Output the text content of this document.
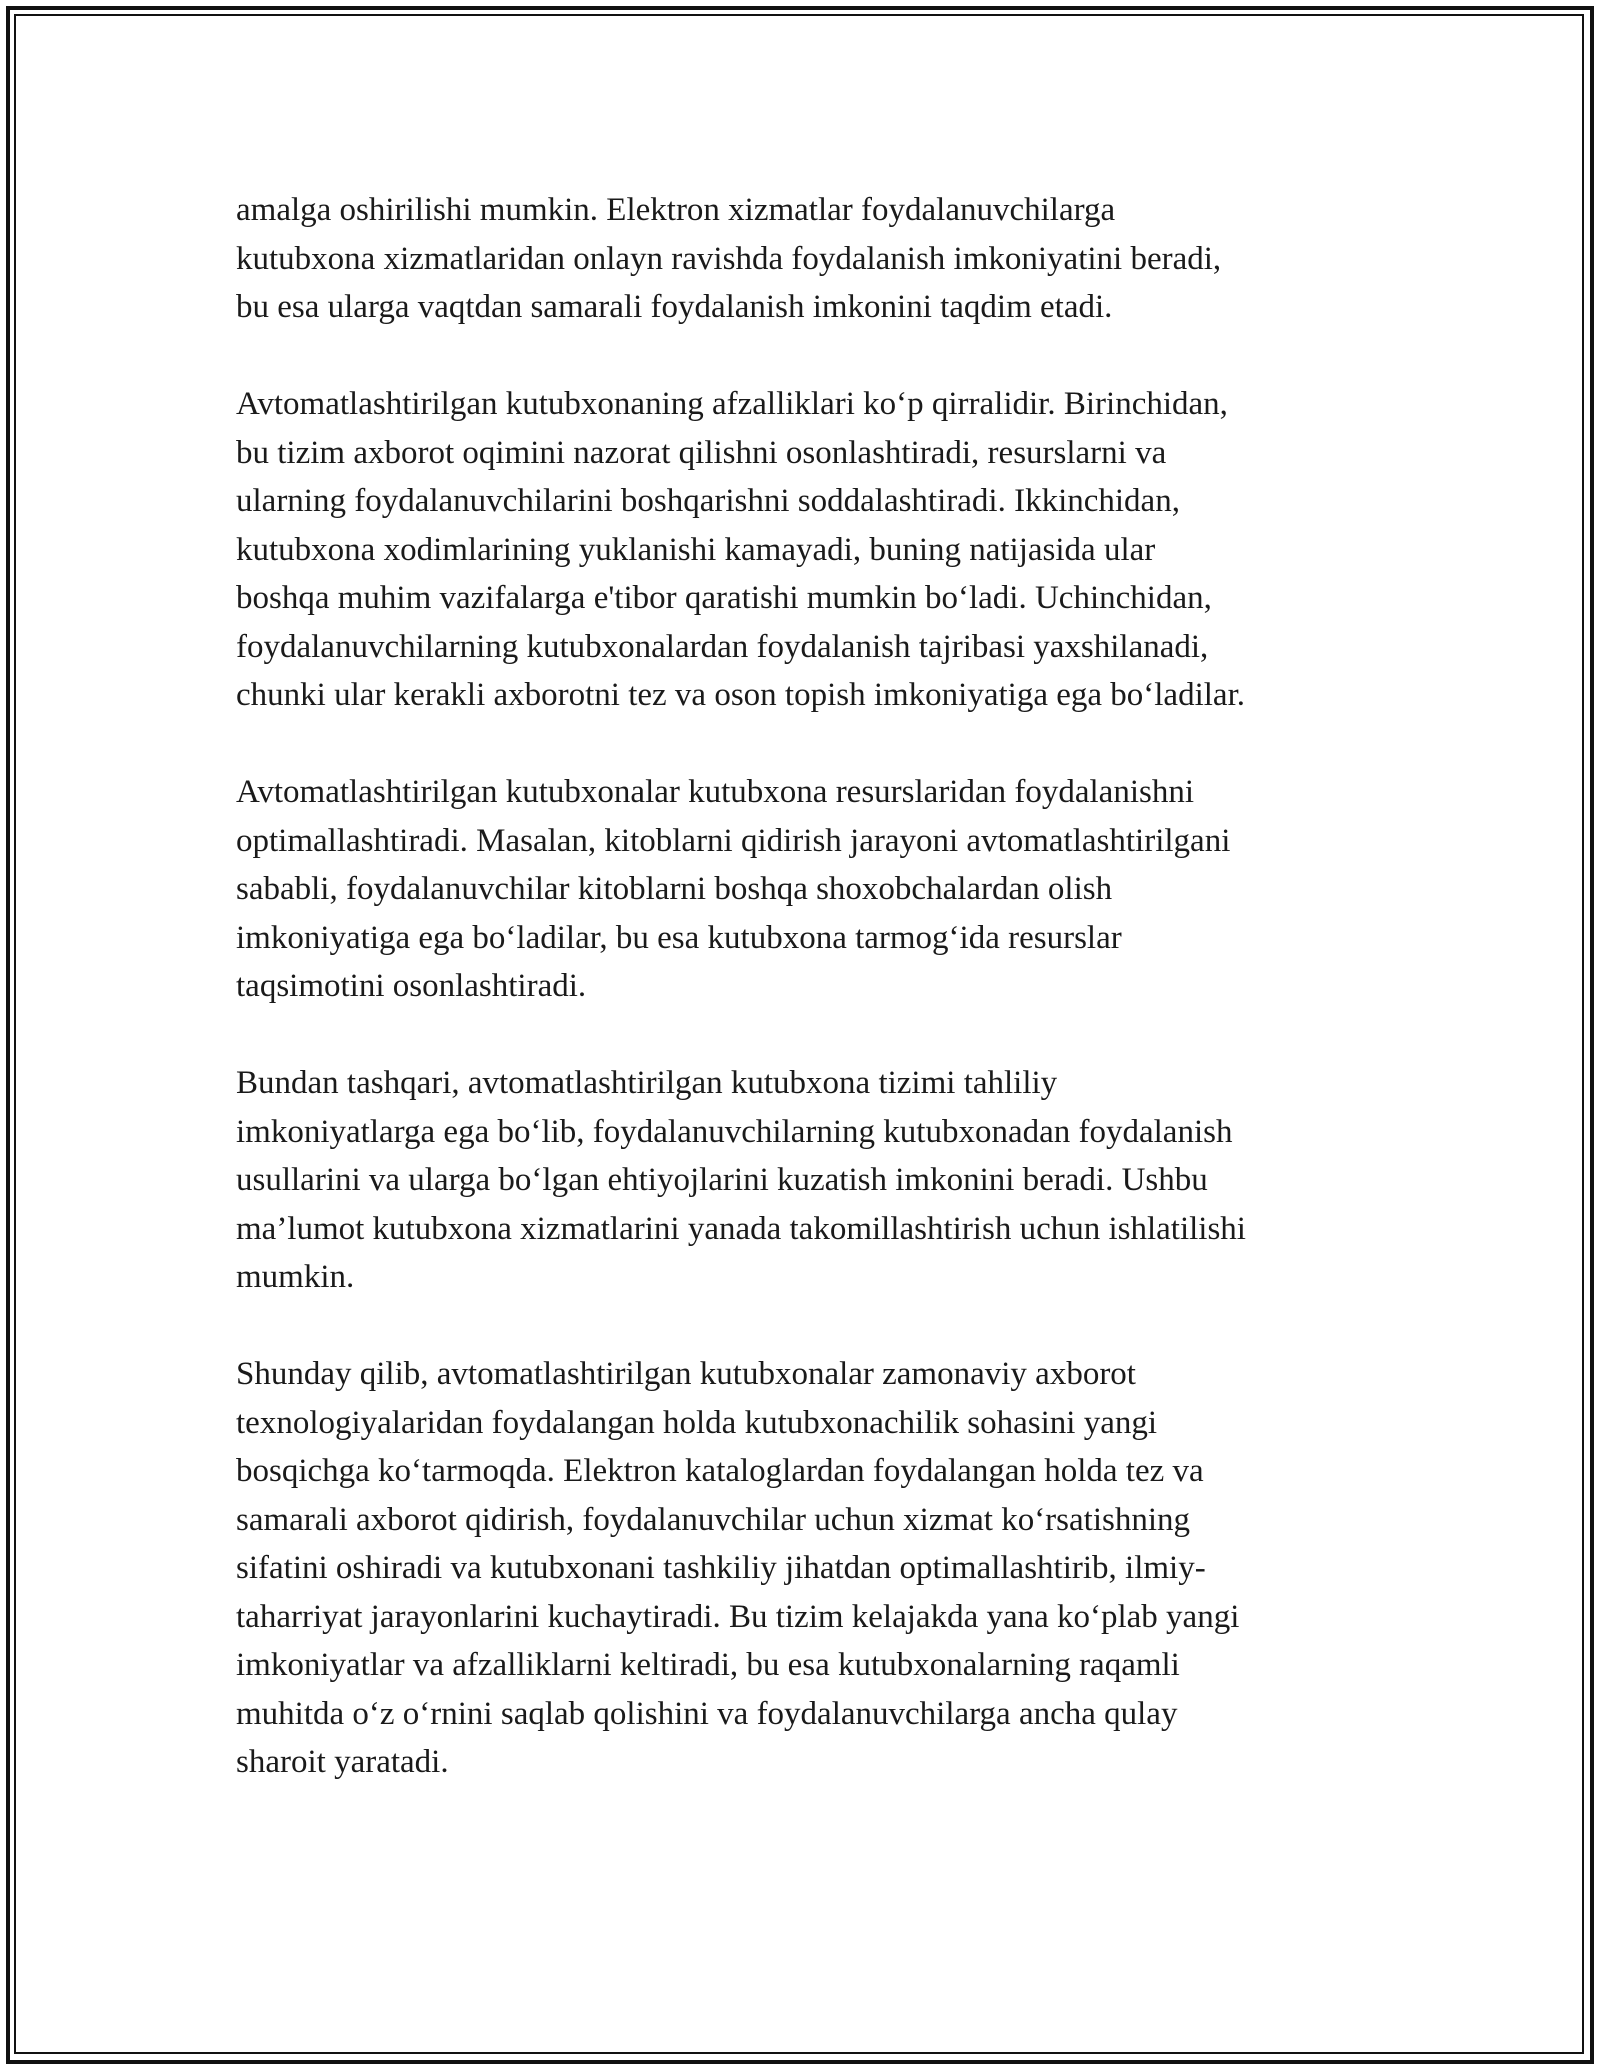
amalga oshirilishi mumkin. Elektron xizmatlar foydalanuvchilarga
kutubxona xizmatlaridan onlayn ravishda foydalanish imkoniyatini beradi,
bu esa ularga vaqtdan samarali foydalanish imkonini taqdim etadi.

Avtomatlashtirilgan kutubxonaning afzalliklari ko‘p qirralidir. Birinchidan,
bu tizim axborot oqimini nazorat qilishni osonlashtiradi, resurslarni va
ularning foydalanuvchilarini boshqarishni soddalashtiradi. Ikkinchidan,
kutubxona xodimlarining yuklanishi kamayadi, buning natijasida ular
boshqa muhim vazifalarga e'tibor qaratishi mumkin bo‘ladi. Uchinchidan,
foydalanuvchilarning kutubxonalardan foydalanish tajribasi yaxshilanadi,
chunki ular kerakli axborotni tez va oson topish imkoniyatiga ega bo‘ladilar.

Avtomatlashtirilgan kutubxonalar kutubxona resurslaridan foydalanishni
optimallashtiradi. Masalan, kitoblarni qidirish jarayoni avtomatlashtirilgani
sababli, foydalanuvchilar kitoblarni boshqa shoxobchalardan olish
imkoniyatiga ega bo‘ladilar, bu esa kutubxona tarmog‘ida resurslar
taqsimotini osonlashtiradi.

Bundan tashqari, avtomatlashtirilgan kutubxona tizimi tahliliy
imkoniyatlarga ega bo‘lib, foydalanuvchilarning kutubxonadan foydalanish
usullarini va ularga bo‘lgan ehtiyojlarini kuzatish imkonini beradi. Ushbu
ma’lumot kutubxona xizmatlarini yanada takomillashtirish uchun ishlatilishi
mumkin.

Shunday qilib, avtomatlashtirilgan kutubxonalar zamonaviy axborot
texnologiyalaridan foydalangan holda kutubxonachilik sohasini yangi
bosqichga ko‘tarmoqda. Elektron kataloglardan foydalangan holda tez va
samarali axborot qidirish, foydalanuvchilar uchun xizmat ko‘rsatishning
sifatini oshiradi va kutubxonani tashkiliy jihatdan optimallashtirib, ilmiy-
taharriyat jarayonlarini kuchaytiradi. Bu tizim kelajakda yana ko‘plab yangi
imkoniyatlar va afzalliklarni keltiradi, bu esa kutubxonalarning raqamli
muhitda o‘z o‘rnini saqlab qolishini va foydalanuvchilarga ancha qulay
sharoit yaratadi.
